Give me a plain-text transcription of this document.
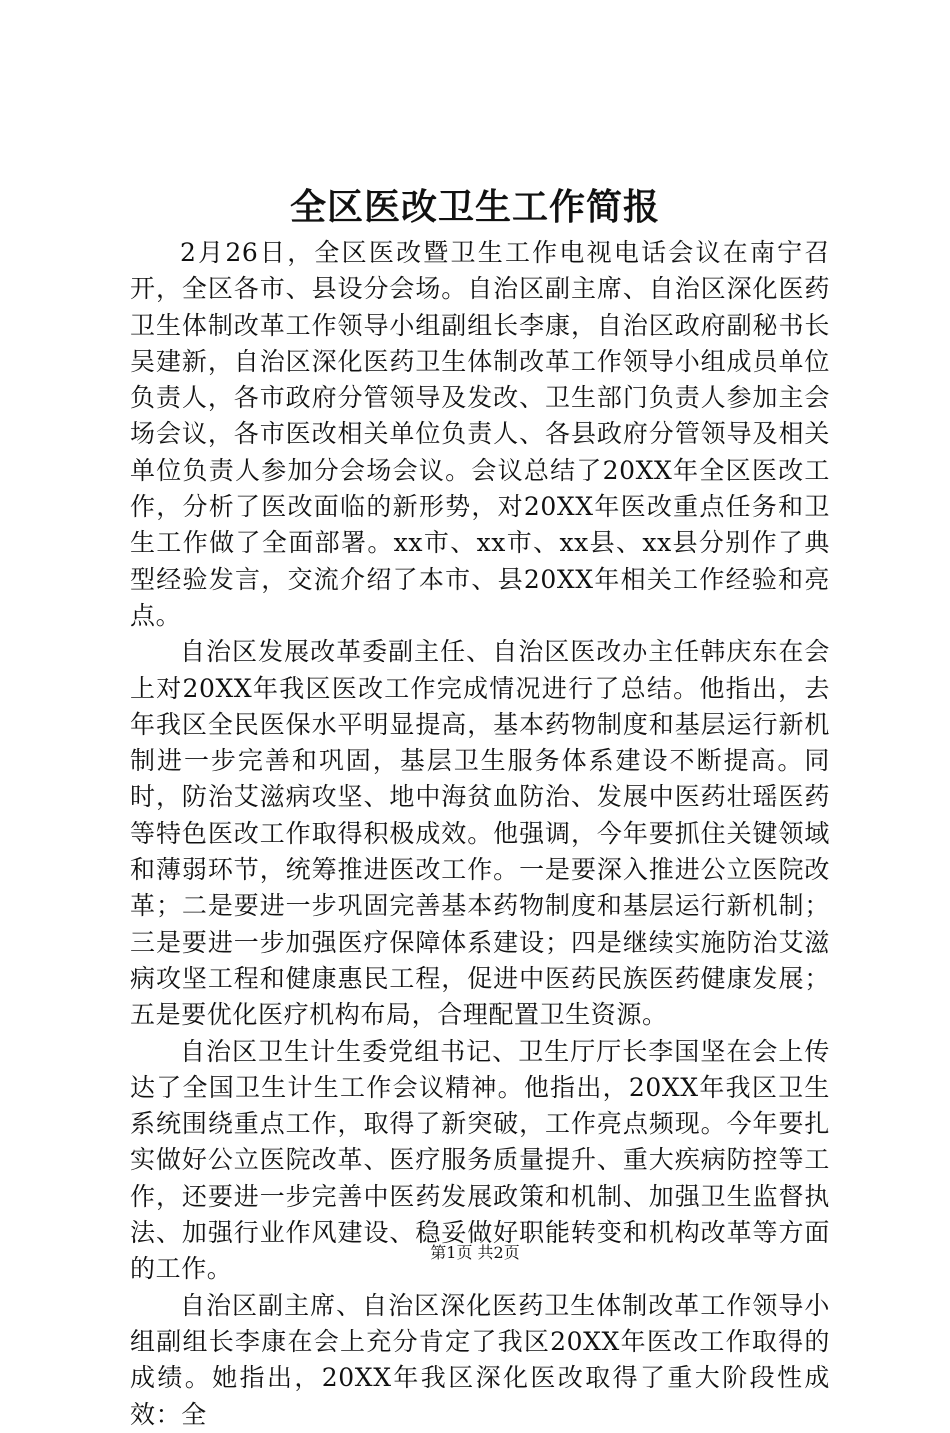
全区医改卫生工作简报

2月26日，全区医改暨卫生工作电视电话会议在南宁召开，全区各市、县设分会场。自治区副主席、自治区深化医药卫生体制改革工作领导小组副组长李康，自治区政府副秘书长吴建新，自治区深化医药卫生体制改革工作领导小组成员单位负责人，各市政府分管领导及发改、卫生部门负责人参加主会场会议，各市医改相关单位负责人、各县政府分管领导及相关单位负责人参加分会场会议。会议总结了20XX年全区医改工作，分析了医改面临的新形势，对20XX年医改重点任务和卫生工作做了全面部署。xx市、xx市、xx县、xx县分别作了典型经验发言，交流介绍了本市、县20XX年相关工作经验和亮点。

自治区发展改革委副主任、自治区医改办主任韩庆东在会上对20XX年我区医改工作完成情况进行了总结。他指出，去年我区全民医保水平明显提高，基本药物制度和基层运行新机制进一步完善和巩固，基层卫生服务体系建设不断提高。同时，防治艾滋病攻坚、地中海贫血防治、发展中医药壮瑶医药等特色医改工作取得积极成效。他强调，今年要抓住关键领域和薄弱环节，统筹推进医改工作。一是要深入推进公立医院改革；二是要进一步巩固完善基本药物制度和基层运行新机制；三是要进一步加强医疗保障体系建设；四是继续实施防治艾滋病攻坚工程和健康惠民工程，促进中医药民族医药健康发展；五是要优化医疗机构布局，合理配置卫生资源。

自治区卫生计生委党组书记、卫生厅厅长李国坚在会上传达了全国卫生计生工作会议精神。他指出，20XX年我区卫生系统围绕重点工作，取得了新突破，工作亮点频现。今年要扎实做好公立医院改革、医疗服务质量提升、重大疾病防控等工作，还要进一步完善中医药发展政策和机制、加强卫生监督执法、加强行业作风建设、稳妥做好职能转变和机构改革等方面的工作。

自治区副主席、自治区深化医药卫生体制改革工作领导小组副组长李康在会上充分肯定了我区20XX年医改工作取得的成绩。她指出，20XX年我区深化医改取得了重大阶段性成效：全

第1页 共2页
